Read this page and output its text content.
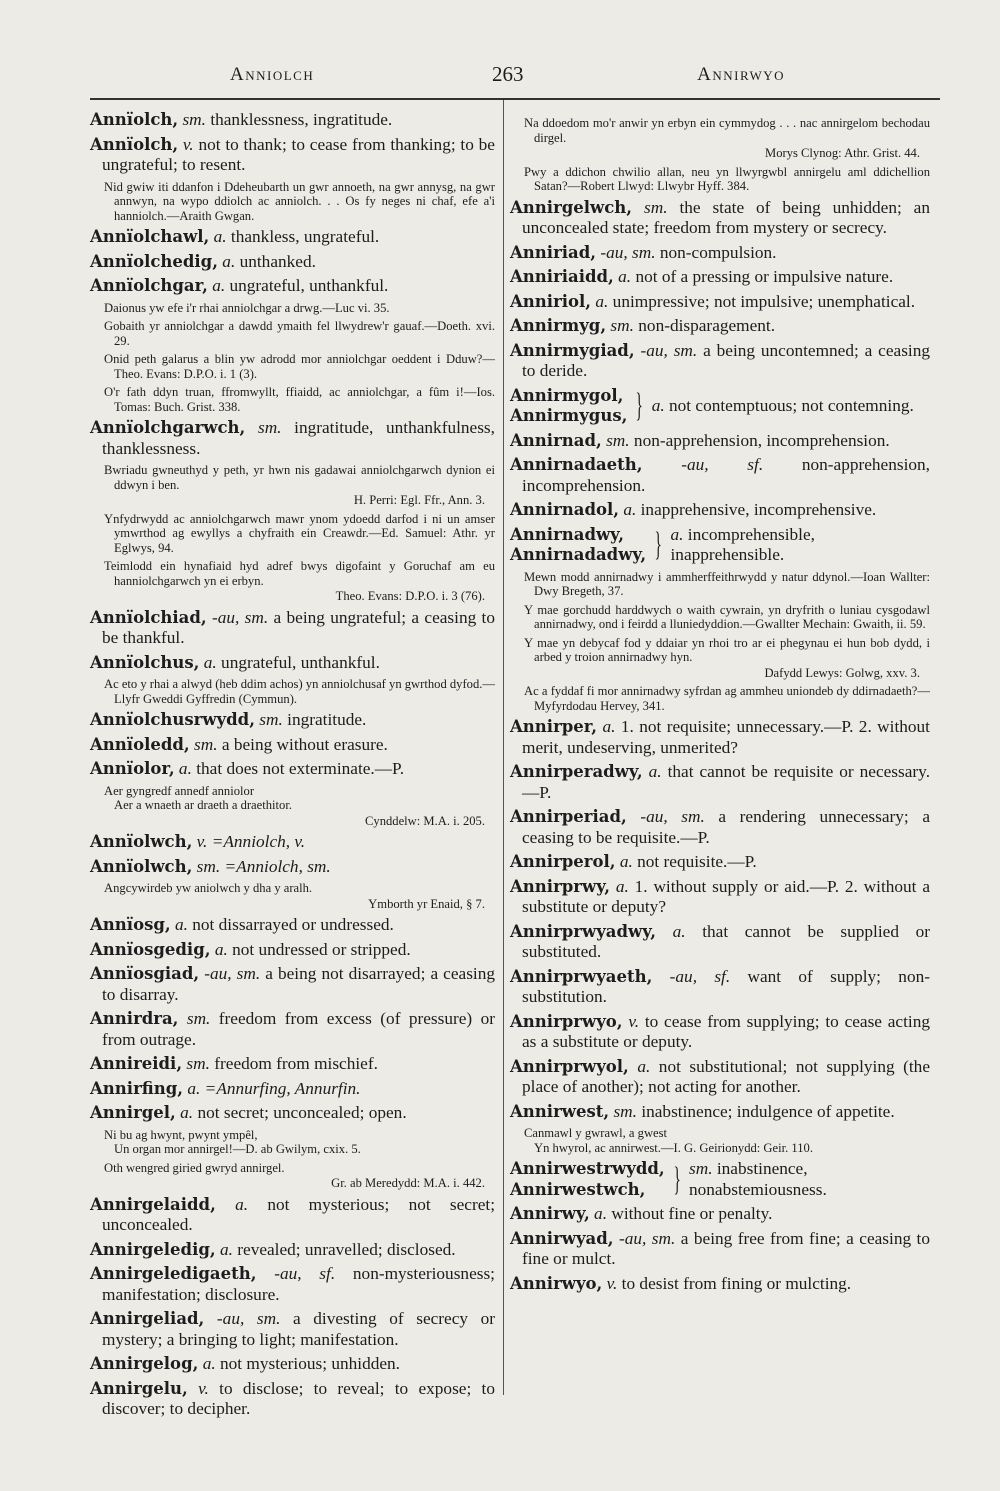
Anniolch	263	Annirwyo

Annïolch, sm. thanklessness, ingratitude.

Annïolch, v. not to thank; to cease from thanking; to be ungrateful; to resent.

Nid gwiw iti ddanfon i Ddeheubarth un gwr annoeth, na gwr annysg, na gwr annwyn, na wypo ddiolch ac anniolch. . . Os fy neges ni chaf, efe a'i hanniolch.—Araith Gwgan.

Annïolchawl, a. thankless, ungrateful.

Annïolchedig, a. unthanked.

Annïolchgar, a. ungrateful, unthankful.

Daionus yw efe i'r rhai anniolchgar a drwg.—Luc vi. 35.

Gobaith yr anniolchgar a dawdd ymaith fel llwydrew'r gauaf.—Doeth. xvi. 29.

Onid peth galarus a blin yw adrodd mor anniolchgar oeddent i Dduw?—Theo. Evans: D.P.O. i. 1 (3).

O'r fath ddyn truan, ffromwyllt, ffiaidd, ac anniolchgar, a fûm i!—Ios. Tomas: Buch. Grist. 338.

Annïolchgarwch, sm. ingratitude, unthankfulness, thanklessness.

Bwriadu gwneuthyd y peth, yr hwn nis gadawai anniolchgarwch dynion ei ddwyn i ben.

H. Perri: Egl. Ffr., Ann. 3.

Ynfydrwydd ac anniolchgarwch mawr ynom ydoedd darfod i ni un amser ymwrthod ag ewyllys a chyfraith ein Creawdr.—Ed. Samuel: Athr. yr Eglwys, 94.

Teimlodd ein hynafiaid hyd adref bwys digofaint y Goruchaf am eu hanniolchgarwch yn ei erbyn.

Theo. Evans: D.P.O. i. 3 (76).

Annïolchiad, -au, sm. a being ungrateful; a ceasing to be thankful.

Annïolchus, a. ungrateful, unthankful.

Ac eto y rhai a alwyd (heb ddim achos) yn anniolchusaf yn gwrthod dyfod.—Llyfr Gweddi Gyffredin (Cymmun).

Annïolchusrwydd, sm. ingratitude.

Annïoledd, sm. a being without erasure.

Annïolor, a. that does not exterminate.—P.

Aer gyngredf annedf anniolor
Aer a wnaeth ar draeth a draethitor.

Cynddelw: M.A. i. 205.

Annïolwch, v. =Anniolch, v.

Annïolwch, sm. =Anniolch, sm.

Angcywirdeb yw aniolwch y dha y aralh.

Ymborth yr Enaid, § 7.

Annïosg, a. not dissarrayed or undressed.

Annïosgedig, a. not undressed or stripped.

Annïosgiad, -au, sm. a being not disarrayed; a ceasing to disarray.

Annirdra, sm. freedom from excess (of pressure) or from outrage.

Annireidi, sm. freedom from mischief.

Annirfing, a. =Annurfing, Annurfin.

Annirgel, a. not secret; unconcealed; open.

Ni bu ag hwynt, pwynt ympêl,
Un organ mor annirgel!—D. ab Gwilym, cxix. 5.

Oth wengred giried gwryd annirgel.

Gr. ab Meredydd: M.A. i. 442.

Annirgelaidd, a. not mysterious; not secret; unconcealed.

Annirgeledig, a. revealed; unravelled; disclosed.

Annirgeledigaeth, -au, sf. non-mysteriousness; manifestation; disclosure.

Annirgeliad, -au, sm. a divesting of secrecy or mystery; a bringing to light; manifestation.

Annirgelog, a. not mysterious; unhidden.

Annirgelu, v. to disclose; to reveal; to expose; to discover; to decipher.

Na ddoedom mo'r anwir yn erbyn ein cymmydog . . . nac annirgelom bechodau dirgel.

Morys Clynog: Athr. Grist. 44.

Pwy a ddichon chwilio allan, neu yn llwyrgwbl annirgelu aml ddichellion Satan?—Robert Llwyd: Llwybr Hyff. 384.

Annirgelwch, sm. the state of being unhidden; an unconcealed state; freedom from mystery or secrecy.

Anniriad, -au, sm. non-compulsion.

Anniriaidd, a. not of a pressing or impulsive nature.

Anniriol, a. unimpressive; not impulsive; unemphatical.

Annirmyg, sm. non-disparagement.

Annirmygiad, -au, sm. a being uncontemned; a ceasing to deride.

Annirmygol,
Annirmygus, } a. not contemptuous; not contemning.

Annirnad, sm. non-apprehension, incomprehension.

Annirnadaeth, -au, sf. non-apprehension, incomprehension.

Annirnadol, a. inapprehensive, incomprehensive.

Annirnadwy,
Annirnadadwy, } a. incomprehensible, inapprehensible.

Mewn modd annirnadwy i ammherffeithrwydd y natur ddynol.—Ioan Wallter: Dwy Bregeth, 37.

Y mae gorchudd harddwych o waith cywrain, yn dryfrith o luniau cysgodawl annirnadwy, ond i feirdd a lluniedyddion.—Gwallter Mechain: Gwaith, ii. 59.

Y mae yn debycaf fod y ddaiar yn rhoi tro ar ei phegynau ei hun bob dydd, i arbed y troion annirnadwy hyn.

Dafydd Lewys: Golwg, xxv. 3.

Ac a fyddaf fi mor annirnadwy syfrdan ag ammheu uniondeb dy ddirnadaeth?—Myfyrdodau Hervey, 341.

Annirper, a. 1. not requisite; unnecessary.—P. 2. without merit, undeserving, unmerited?

Annirperadwy, a. that cannot be requisite or necessary.—P.

Annirperiad, -au, sm. a rendering unnecessary; a ceasing to be requisite.—P.

Annirperol, a. not requisite.—P.

Annirprwy, a. 1. without supply or aid.—P. 2. without a substitute or deputy?

Annirprwyadwy, a. that cannot be supplied or substituted.

Annirprwyaeth, -au, sf. want of supply; non-substitution.

Annirprwyo, v. to cease from supplying; to cease acting as a substitute or deputy.

Annirprwyol, a. not substitutional; not supplying (the place of another); not acting for another.

Annirwest, sm. inabstinence; indulgence of appetite.

Canmawl y gwrawl, a gwest
Yn hwyrol, ac annirwest.—I. G. Geirionydd: Geir. 110.

Annirwestrwydd,
Annirwestwch, } sm. inabstinence, nonabstemiousness.

Annirwy, a. without fine or penalty.

Annirwyad, -au, sm. a being free from fine; a ceasing to fine or mulct.

Annirwyo, v. to desist from fining or mulcting.
